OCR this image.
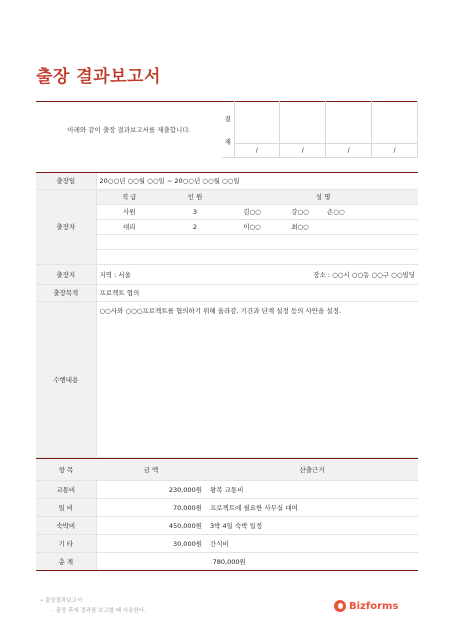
출장 결과보고서
아래와 같이 출장 결과보고서를 제출합니다.
결
재				

	/	/	/	/
출장일	20○○년 ○○월 ○○일 ~ 20○○년 ○○월 ○○일				
출장자	직 급	인 원	성 명		
	사원	3	김○○	강○○	손○○
	대리	2	이○○	최○○	

출장지	지역 : 서울		장소 : ○○시 ○○동 ○○구 ○○빌딩		
출장목적	프로젝트 협의				
수행내용	○○사와 ○○○프로젝트를 협의하기 위해 올라감. 기간과 단계 설정 등의 사안을 설정.				
항 목	금 액	산출근거
교통비	230,000원	왕복 교통비
일 비	70,000원	프로젝트에 필요한 사무실 대여
숙박비	450,000원	3박 4일 숙박 일정
기 타	30,000원	간식비
총 계	780,000원	
• 출장결과보고서
- 출장 후에 결과를 보고할 때 사용한다.	Bizforms
